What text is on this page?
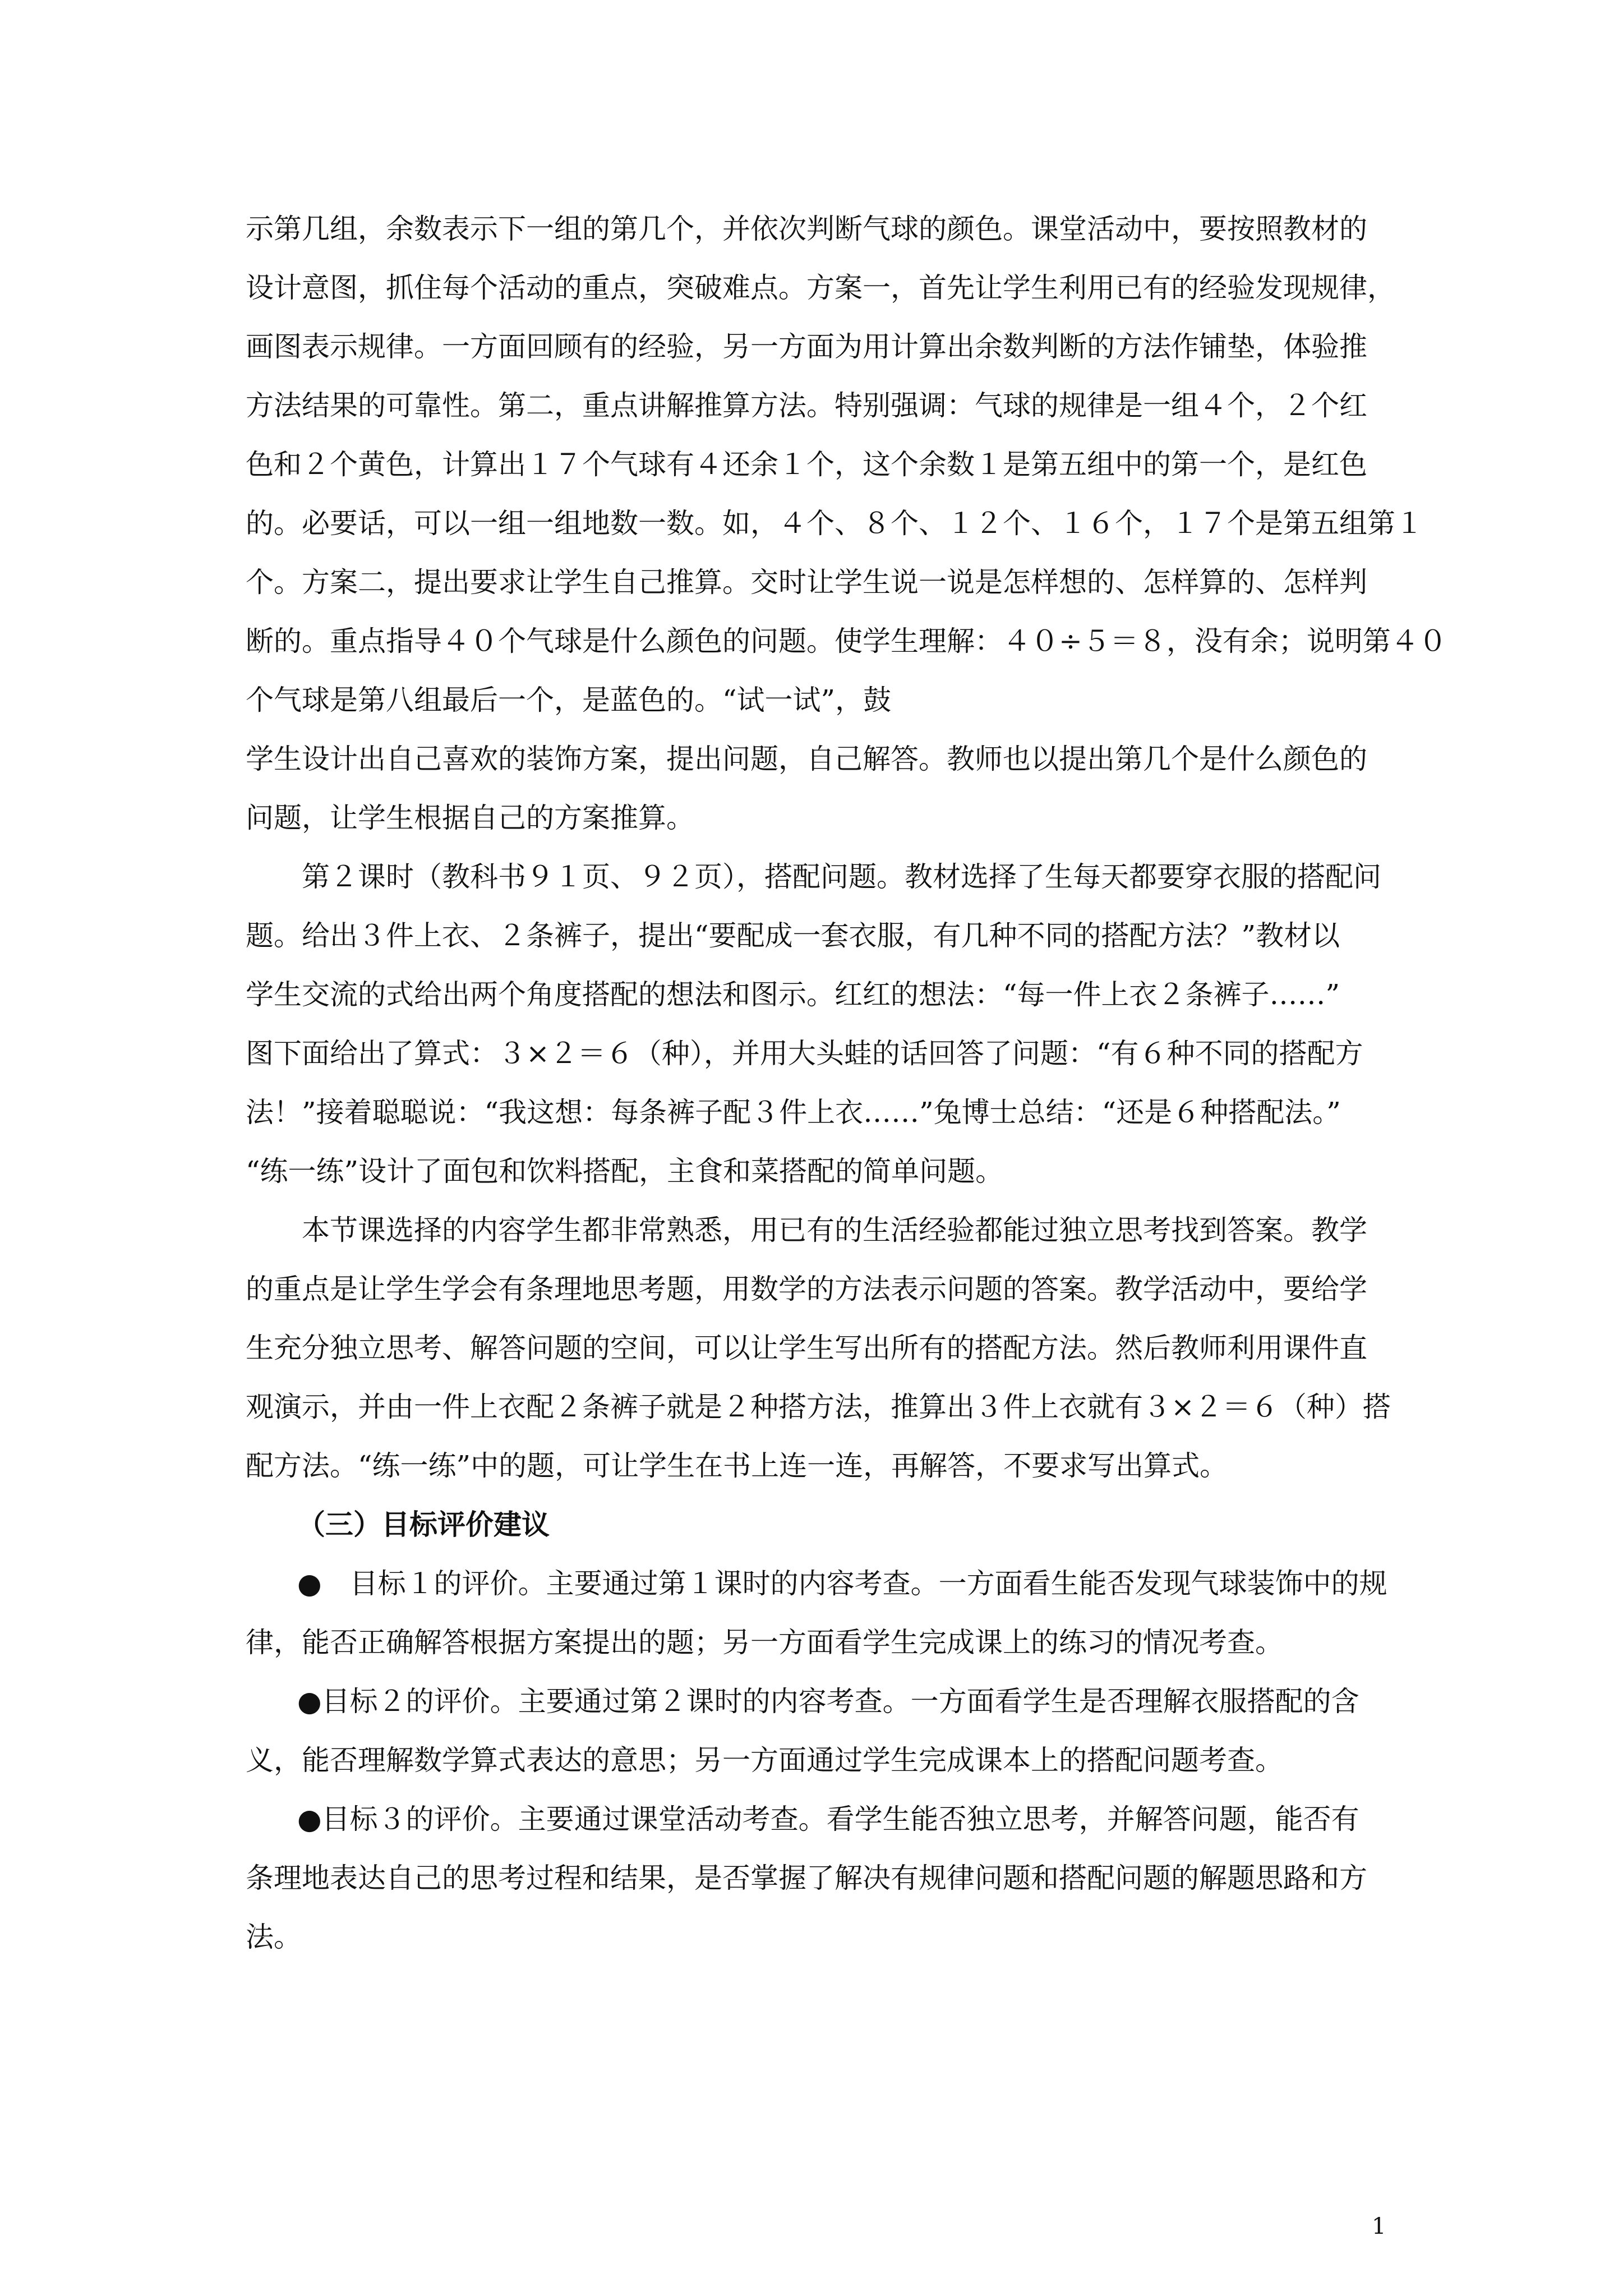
示第几组，余数表示下一组的第几个，并依次判断气球的颜色。课堂活动中，要按照教材的
设计意图，抓住每个活动的重点，突破难点。方案一，首先让学生利用已有的经验发现规律，
画图表示规律。一方面回顾有的经验，另一方面为用计算出余数判断的方法作铺垫，体验推
方法结果的可靠性。第二，重点讲解推算方法。特别强调：气球的规律是一组４个，２个红
色和２个黄色，计算出１７个气球有４还余１个，这个余数１是第五组中的第一个，是红色
的。必要话，可以一组一组地数一数。如，４个、８个、１２个、１６个，１７个是第五组第１
个。方案二，提出要求让学生自己推算。交时让学生说一说是怎样想的、怎样算的、怎样判
断的。重点指导４０个气球是什么颜色的问题。使学生理解：４０÷５＝８，没有余；说明第４０
个气球是第八组最后一个，是蓝色的。“试一试”，鼓
学生设计出自己喜欢的装饰方案，提出问题，自己解答。教师也以提出第几个是什么颜色的
问题，让学生根据自己的方案推算。
第２课时（教科书９１页、９２页），搭配问题。教材选择了生每天都要穿衣服的搭配问
题。给出３件上衣、２条裤子，提出“要配成一套衣服，有几种不同的搭配方法？”教材以
学生交流的式给出两个角度搭配的想法和图示。红红的想法：“每一件上衣２条裤子……”
图下面给出了算式：３×２＝６（种），并用大头蛙的话回答了问题：“有６种不同的搭配方
法！”接着聪聪说：“我这想：每条裤子配３件上衣……”兔博士总结：“还是６种搭配法。”
“练一练”设计了面包和饮料搭配，主食和菜搭配的简单问题。
本节课选择的内容学生都非常熟悉，用已有的生活经验都能过独立思考找到答案。教学
的重点是让学生学会有条理地思考题，用数学的方法表示问题的答案。教学活动中，要给学
生充分独立思考、解答问题的空间，可以让学生写出所有的搭配方法。然后教师利用课件直
观演示，并由一件上衣配２条裤子就是２种搭方法，推算出３件上衣就有３×２＝６（种）搭
配方法。“练一练”中的题，可让学生在书上连一连，再解答，不要求写出算式。
（三）目标评价建议
●　目标１的评价。主要通过第１课时的内容考查。一方面看生能否发现气球装饰中的规
律，能否正确解答根据方案提出的题；另一方面看学生完成课上的练习的情况考查。
●目标２的评价。主要通过第２课时的内容考查。一方面看学生是否理解衣服搭配的含
义，能否理解数学算式表达的意思；另一方面通过学生完成课本上的搭配问题考查。
●目标３的评价。主要通过课堂活动考查。看学生能否独立思考，并解答问题，能否有
条理地表达自己的思考过程和结果，是否掌握了解决有规律问题和搭配问题的解题思路和方
法。
1
